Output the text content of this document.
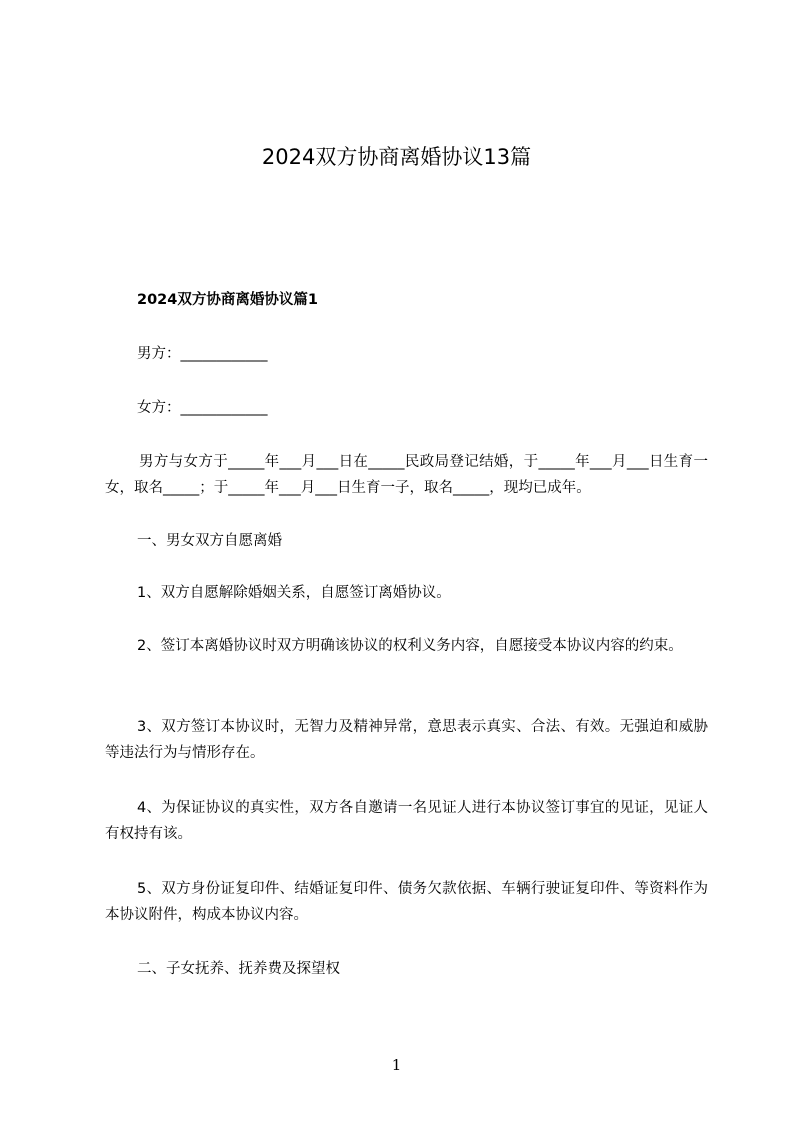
2024双方协商离婚协议13篇
2024双方协商离婚协议篇1

男方：____________

女方：____________

男方与女方于_____年___月___日在_____民政局登记结婚，于_____年___月___日生育一女，取名_____；于_____年___月___日生育一子，取名_____，现均已成年。

一、男女双方自愿离婚

1、双方自愿解除婚姻关系，自愿签订离婚协议。

2、签订本离婚协议时双方明确该协议的权利义务内容，自愿接受本协议内容的约束。

3、双方签订本协议时，无智力及精神异常，意思表示真实、合法、有效。无强迫和威胁等违法行为与情形存在。

4、为保证协议的真实性，双方各自邀请一名见证人进行本协议签订事宜的见证，见证人有权持有该。

5、双方身份证复印件、结婚证复印件、债务欠款依据、车辆行驶证复印件、等资料作为本协议附件，构成本协议内容。

二、子女抚养、抚养费及探望权

1
